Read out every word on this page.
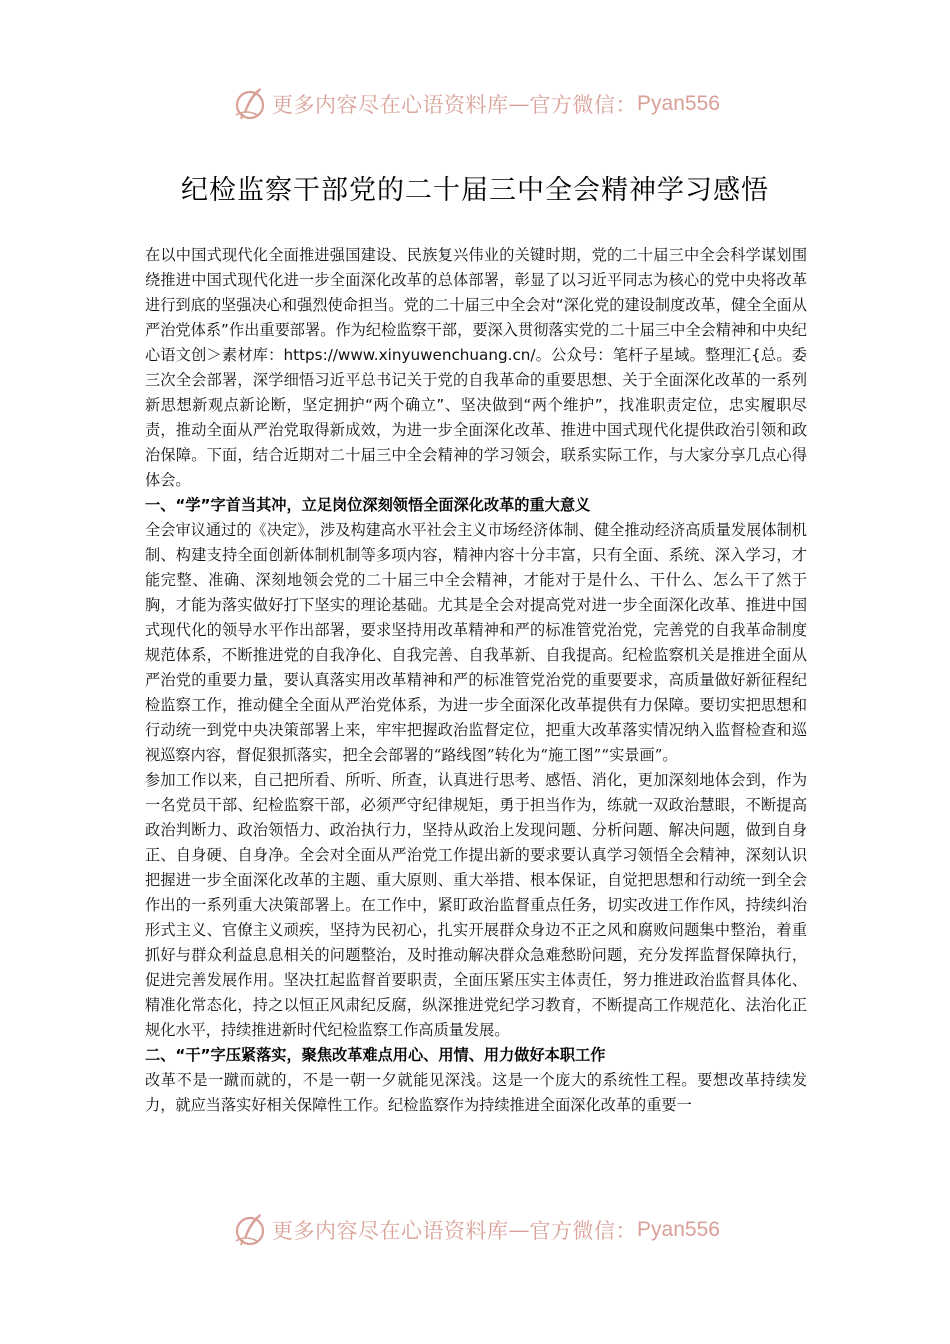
更多内容尽在心语资料库 — 官方微信： Pyan556
纪检监察干部党的二十届三中全会精神学习感悟

在以中国式现代化全面推进强国建设、民族复兴伟业的关键时期，党的二十届三中全会科学谋划围绕推进中国式现代化进一步全面深化改革的总体部署，彰显了以习近平同志为核心的党中央将改革进行到底的坚强决心和强烈使命担当。党的二十届三中全会对“深化党的建设制度改革，健全全面从严治党体系”作出重要部署。作为纪检监察干部，要深入贯彻落实党的二十届三中全会精神和中央纪心语文创＞素材库：https://www.xinyuwenchuang.cn/。公众号：笔杆子星域。整理汇{总。委三次全会部署，深学细悟习近平总书记关于党的自我革命的重要思想、关于全面深化改革的一系列新思想新观点新论断，坚定拥护“两个确立”、坚决做到“两个维护”，找准职责定位，忠实履职尽责，推动全面从严治党取得新成效，为进一步全面深化改革、推进中国式现代化提供政治引领和政治保障。下面，结合近期对二十届三中全会精神的学习领会，联系实际工作，与大家分享几点心得体会。

一、“学”字首当其冲，立足岗位深刻领悟全面深化改革的重大意义

全会审议通过的《决定》，涉及构建高水平社会主义市场经济体制、健全推动经济高质量发展体制机制、构建支持全面创新体制机制等多项内容，精神内容十分丰富，只有全面、系统、深入学习，才能完整、准确、深刻地领会党的二十届三中全会精神，才能对于是什么、干什么、怎么干了然于胸，才能为落实做好打下坚实的理论基础。尤其是全会对提高党对进一步全面深化改革、推进中国式现代化的领导水平作出部署，要求坚持用改革精神和严的标准管党治党，完善党的自我革命制度规范体系，不断推进党的自我净化、自我完善、自我革新、自我提高。纪检监察机关是推进全面从严治党的重要力量，要认真落实用改革精神和严的标准管党治党的重要要求，高质量做好新征程纪检监察工作，推动健全全面从严治党体系，为进一步全面深化改革提供有力保障。要切实把思想和行动统一到党中央决策部署上来，牢牢把握政治监督定位，把重大改革落实情况纳入监督检查和巡视巡察内容，督促狠抓落实，把全会部署的“路线图”转化为“施工图”“实景画”。

参加工作以来，自己把所看、所听、所查，认真进行思考、感悟、消化，更加深刻地体会到，作为一名党员干部、纪检监察干部，必须严守纪律规矩，勇于担当作为，练就一双政治慧眼，不断提高政治判断力、政治领悟力、政治执行力，坚持从政治上发现问题、分析问题、解决问题，做到自身正、自身硬、自身净。全会对全面从严治党工作提出新的要求要认真学习领悟全会精神，深刻认识把握进一步全面深化改革的主题、重大原则、重大举措、根本保证，自觉把思想和行动统一到全会作出的一系列重大决策部署上。在工作中，紧盯政治监督重点任务，切实改进工作作风，持续纠治形式主义、官僚主义顽疾，坚持为民初心，扎实开展群众身边不正之风和腐败问题集中整治，着重抓好与群众利益息息相关的问题整治，及时推动解决群众急难愁盼问题，充分发挥监督保障执行，促进完善发展作用。坚决扛起监督首要职责，全面压紧压实主体责任，努力推进政治监督具体化、精准化常态化，持之以恒正风肃纪反腐，纵深推进党纪学习教育，不断提高工作规范化、法治化正规化水平，持续推进新时代纪检监察工作高质量发展。

二、“干”字压紧落实，聚焦改革难点用心、用情、用力做好本职工作

改革不是一蹴而就的，不是一朝一夕就能见深浅。这是一个庞大的系统性工程。要想改革持续发力，就应当落实好相关保障性工作。纪检监察作为持续推进全面深化改革的重要一

更多内容尽在心语资料库 — 官方微信： Pyan556
